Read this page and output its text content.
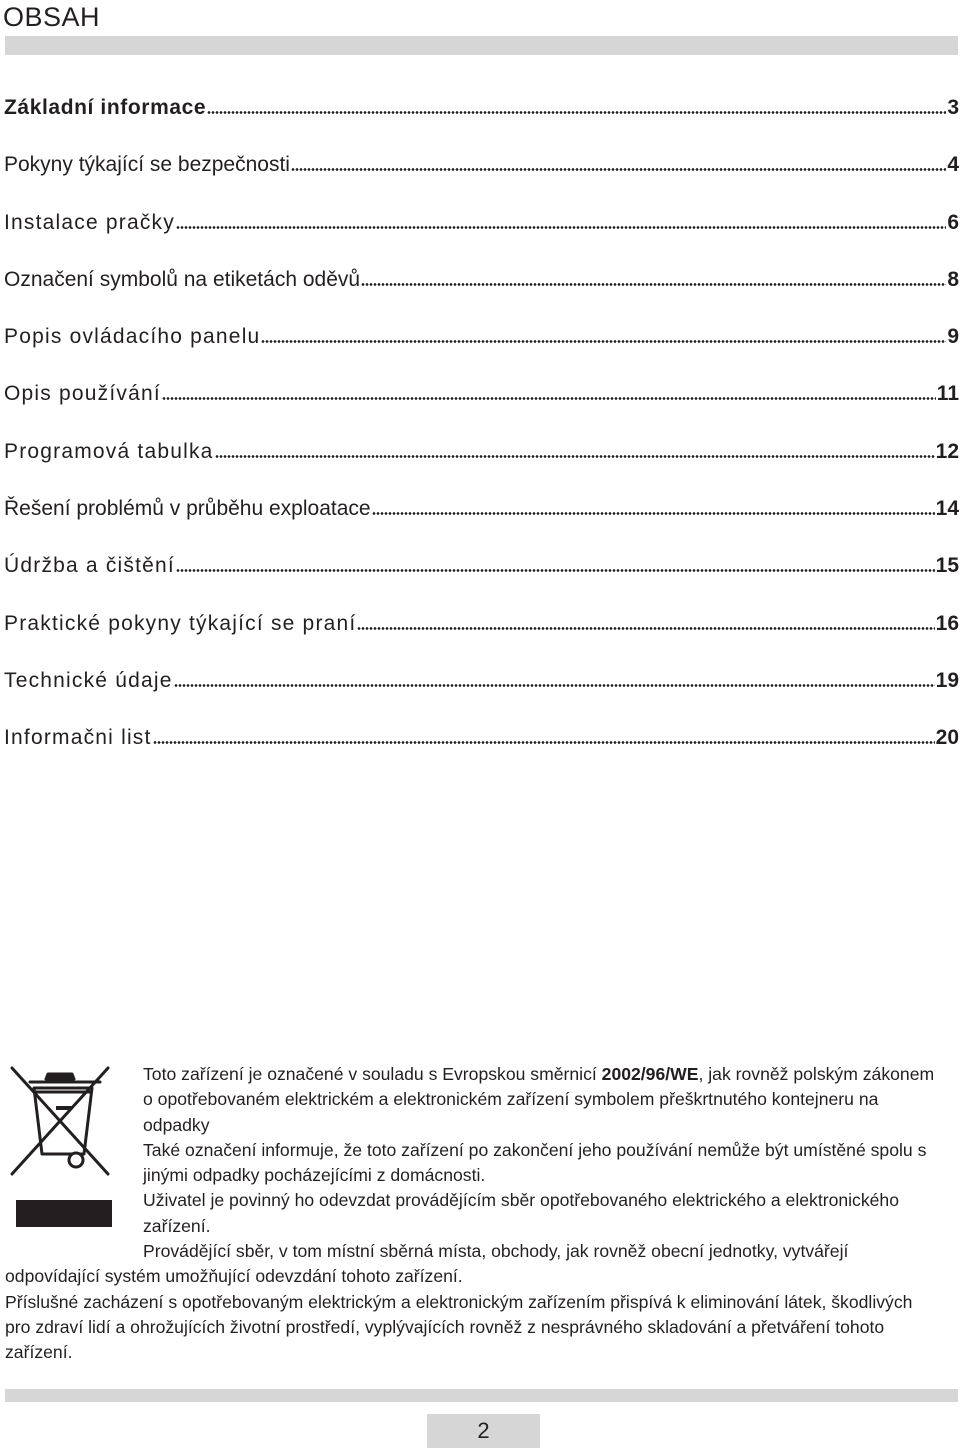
OBSAH
Základní informace	3
Pokyny týkající se bezpečnosti	4
Instalace pračky	6
Označení symbolů na etiketách oděvů	8
Popis ovládacího panelu	9
Opis používání	11
Programová tabulka	12
Řešení problémů v průběhu exploatace	14
Údržba a čištění	15
Praktické pokyny týkající se praní	16
Technické údaje	19
Informačni list	20

Toto zařízení je označené v souladu s Evropskou směrnicí 2002/96/WE, jak rovněž polským zákonem o opotřebovaném elektrickém a elektronickém zařízení symbolem přeškrtnutého kontejneru na odpadky

Také označení informuje, že toto zařízení po zakončení jeho používání nemůže být umístěné spolu s jinými odpadky pocházejícími z domácnosti.

Uživatel je povinný ho odevzdat provádějícím sběr opotřebovaného elektrického a elektronického zařízení.

Provádějící sběr, v tom místní sběrná místa, obchody, jak rovněž obecní jednotky, vytvářejí odpovídající systém umožňující odevzdání tohoto zařízení.

Příslušné zacházení s opotřebovaným elektrickým a elektronickým zařízením přispívá k eliminování látek, škodlivých pro zdraví lidí a ohrožujících životní prostředí, vyplývajících rovněž z nesprávného skladování a přetváření tohoto zařízení.

2
